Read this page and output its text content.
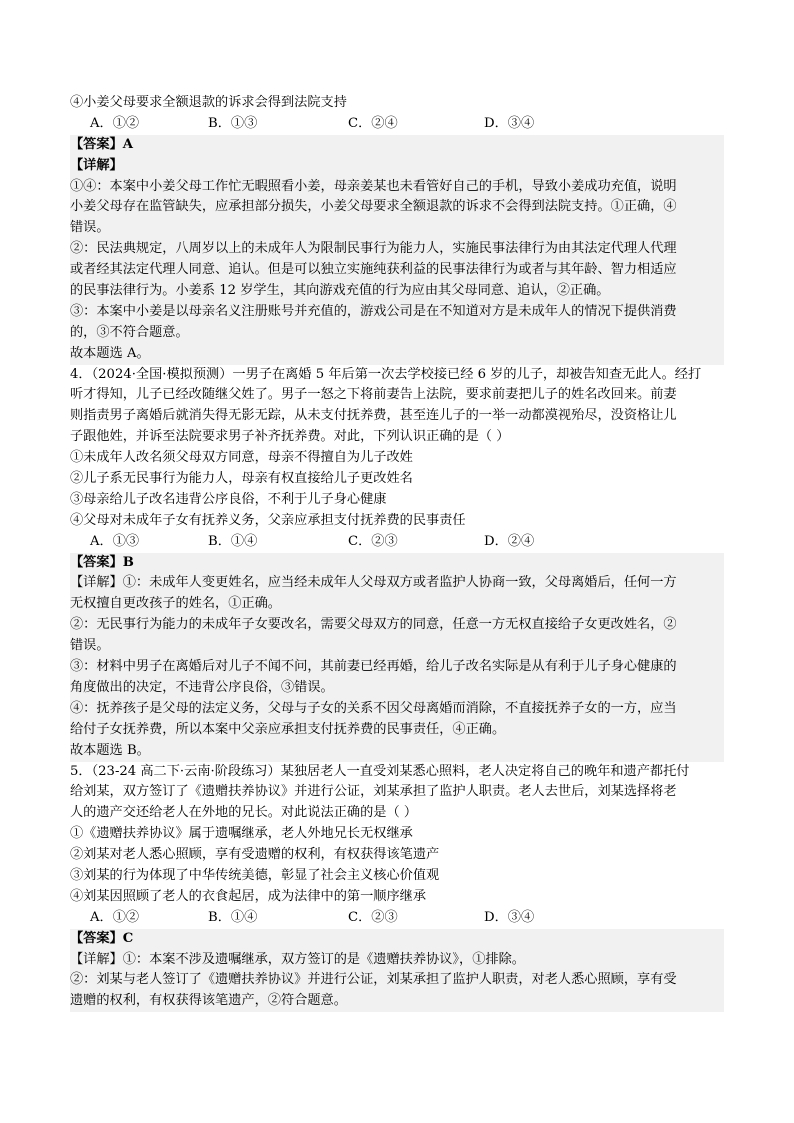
④小姜父母要求全额退款的诉求会得到法院支持
A．①②	B．①③	C．②④	D．③④
【答案】A
【详解】
①④：本案中小姜父母工作忙无暇照看小姜，母亲姜某也未看管好自己的手机，导致小姜成功充值，说明
小姜父母存在监管缺失，应承担部分损失，小姜父母要求全额退款的诉求不会得到法院支持。①正确，④
错误。
②：民法典规定，八周岁以上的未成年人为限制民事行为能力人，实施民事法律行为由其法定代理人代理
或者经其法定代理人同意、追认。但是可以独立实施纯获利益的民事法律行为或者与其年龄、智力相适应
的民事法律行为。小姜系 12 岁学生，其向游戏充值的行为应由其父母同意、追认，②正确。
③：本案中小姜是以母亲名义注册账号并充值的，游戏公司是在不知道对方是未成年人的情况下提供消费
的，③不符合题意。
故本题选 A。
4．（2024·全国·模拟预测）一男子在离婚 5 年后第一次去学校接已经 6 岁的儿子，却被告知查无此人。经打
听才得知，儿子已经改随继父姓了。男子一怒之下将前妻告上法院，要求前妻把儿子的姓名改回来。前妻
则指责男子离婚后就消失得无影无踪，从未支付抚养费，甚至连儿子的一举一动都漠视殆尽，没资格让儿
子跟他姓，并诉至法院要求男子补齐抚养费。对此，下列认识正确的是（ ）
①未成年人改名须父母双方同意，母亲不得擅自为儿子改姓
②儿子系无民事行为能力人，母亲有权直接给儿子更改姓名
③母亲给儿子改名违背公序良俗，不利于儿子身心健康
④父母对未成年子女有抚养义务，父亲应承担支付抚养费的民事责任
A．①③	B．①④	C．②③	D．②④
【答案】B
【详解】①：未成年人变更姓名，应当经未成年人父母双方或者监护人协商一致，父母离婚后，任何一方
无权擅自更改孩子的姓名，①正确。
②：无民事行为能力的未成年子女要改名，需要父母双方的同意，任意一方无权直接给子女更改姓名，②
错误。
③：材料中男子在离婚后对儿子不闻不问，其前妻已经再婚，给儿子改名实际是从有利于儿子身心健康的
角度做出的决定，不违背公序良俗，③错误。
④：抚养孩子是父母的法定义务，父母与子女的关系不因父母离婚而消除，不直接抚养子女的一方，应当
给付子女抚养费，所以本案中父亲应承担支付抚养费的民事责任，④正确。
故本题选 B。
5．（23-24 高二下·云南·阶段练习）某独居老人一直受刘某悉心照料，老人决定将自己的晚年和遗产都托付
给刘某，双方签订了《遗赠扶养协议》并进行公证，刘某承担了监护人职责。老人去世后，刘某选择将老
人的遗产交还给老人在外地的兄长。对此说法正确的是（ ）
①《遗赠扶养协议》属于遗嘱继承，老人外地兄长无权继承
②刘某对老人悉心照顾，享有受遗赠的权利，有权获得该笔遗产
③刘某的行为体现了中华传统美德，彰显了社会主义核心价值观
④刘某因照顾了老人的衣食起居，成为法律中的第一顺序继承
A．①②	B．①④	C．②③	D．③④
【答案】C
【详解】①：本案不涉及遗嘱继承，双方签订的是《遗赠扶养协议》，①排除。
②：刘某与老人签订了《遗赠扶养协议》并进行公证，刘某承担了监护人职责，对老人悉心照顾，享有受
遗赠的权利，有权获得该笔遗产，②符合题意。
